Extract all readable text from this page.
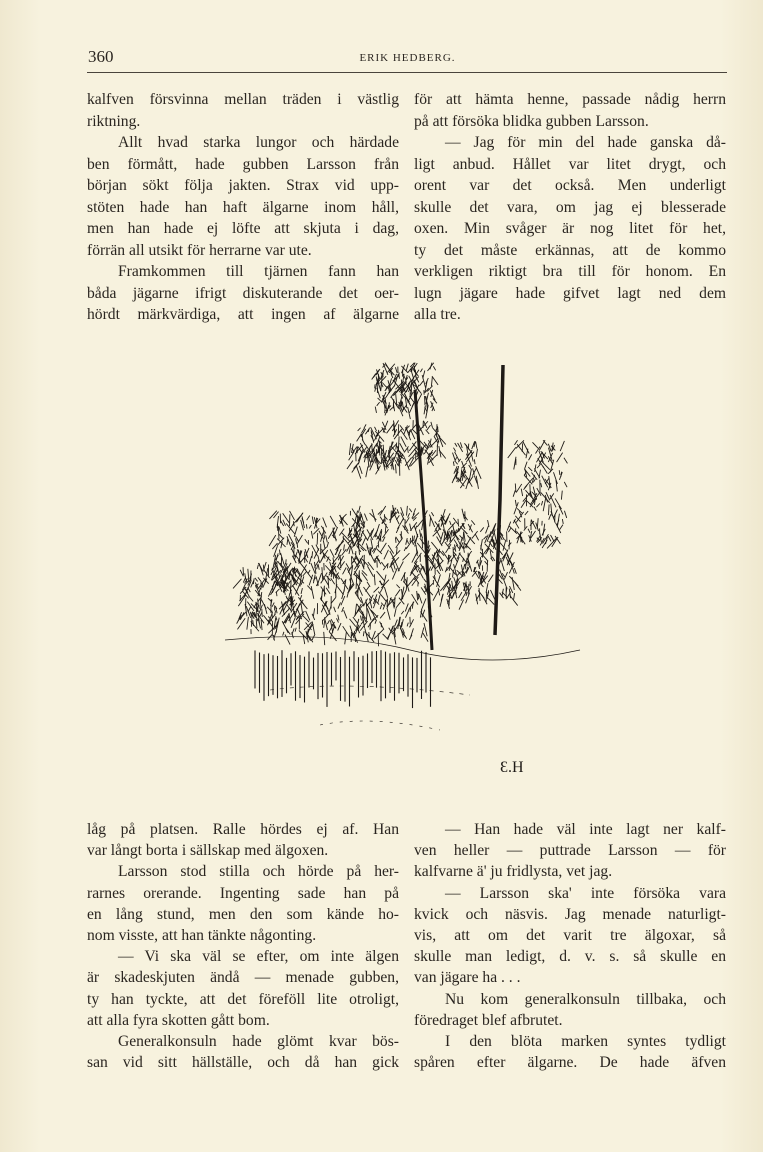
360	ERIK HEDBERG.
kalfven försvinna mellan träden i västlig
riktning.
Allt hvad starka lungor och härdade
ben förmått, hade gubben Larsson från
början sökt följa jakten. Strax vid upp-
stöten hade han haft älgarne inom håll,
men han hade ej löfte att skjuta i dag,
förrän all utsikt för herrarne var ute.
Framkommen till tjärnen fann han
båda jägarne ifrigt diskuterande det oer-
hördt märkvärdiga, att ingen af älgarne
för att hämta henne, passade nådig herrn
på att försöka blidka gubben Larsson.
— Jag för min del hade ganska då-
ligt anbud. Hållet var litet drygt, och
orent var det också. Men underligt
skulle det vara, om jag ej blesserade
oxen. Min svåger är nog litet för het,
ty det måste erkännas, att de kommo
verkligen riktigt bra till för honom. En
lugn jägare hade gifvet lagt ned dem
alla tre.
Ɛ.H
låg på platsen. Ralle hördes ej af. Han
var långt borta i sällskap med älgoxen.
Larsson stod stilla och hörde på her-
rarnes orerande. Ingenting sade han på
en lång stund, men den som kände ho-
nom visste, att han tänkte någonting.
— Vi ska väl se efter, om inte älgen
är skadeskjuten ändå — menade gubben,
ty han tyckte, att det föreföll lite otroligt,
att alla fyra skotten gått bom.
Generalkonsuln hade glömt kvar bös-
san vid sitt hällställe, och då han gick
— Han hade väl inte lagt ner kalf-
ven heller — puttrade Larsson — för
kalfvarne ä' ju fridlysta, vet jag.
— Larsson ska' inte försöka vara
kvick och näsvis. Jag menade naturligt-
vis, att om det varit tre älgoxar, så
skulle man ledigt, d. v. s. så skulle en
van jägare ha . . .
Nu kom generalkonsuln tillbaka, och
föredraget blef afbrutet.
I den blöta marken syntes tydligt
spåren efter älgarne. De hade äfven
